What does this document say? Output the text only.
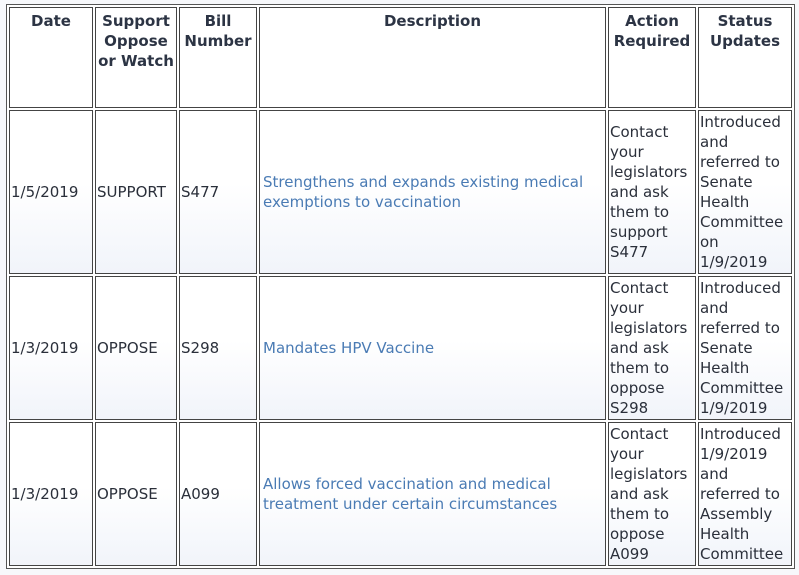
Date	Support Oppose or Watch	Bill Number	Description	Action Required	Status Updates
1/5/2019	SUPPORT	S477	Strengthens and expands existing medical exemptions to vaccination	Contact your legislators and ask them to support S477	Introduced and referred to Senate Health Committee on 1/9/2019
1/3/2019	OPPOSE	S298	Mandates HPV Vaccine	Contact your legislators and ask them to oppose S298	Introduced and referred to Senate Health Committee 1/9/2019
1/3/2019	OPPOSE	A099	Allows forced vaccination and medical treatment under certain circumstances	Contact your legislators and ask them to oppose A099	Introduced 1/9/2019 and referred to Assembly Health Committee
